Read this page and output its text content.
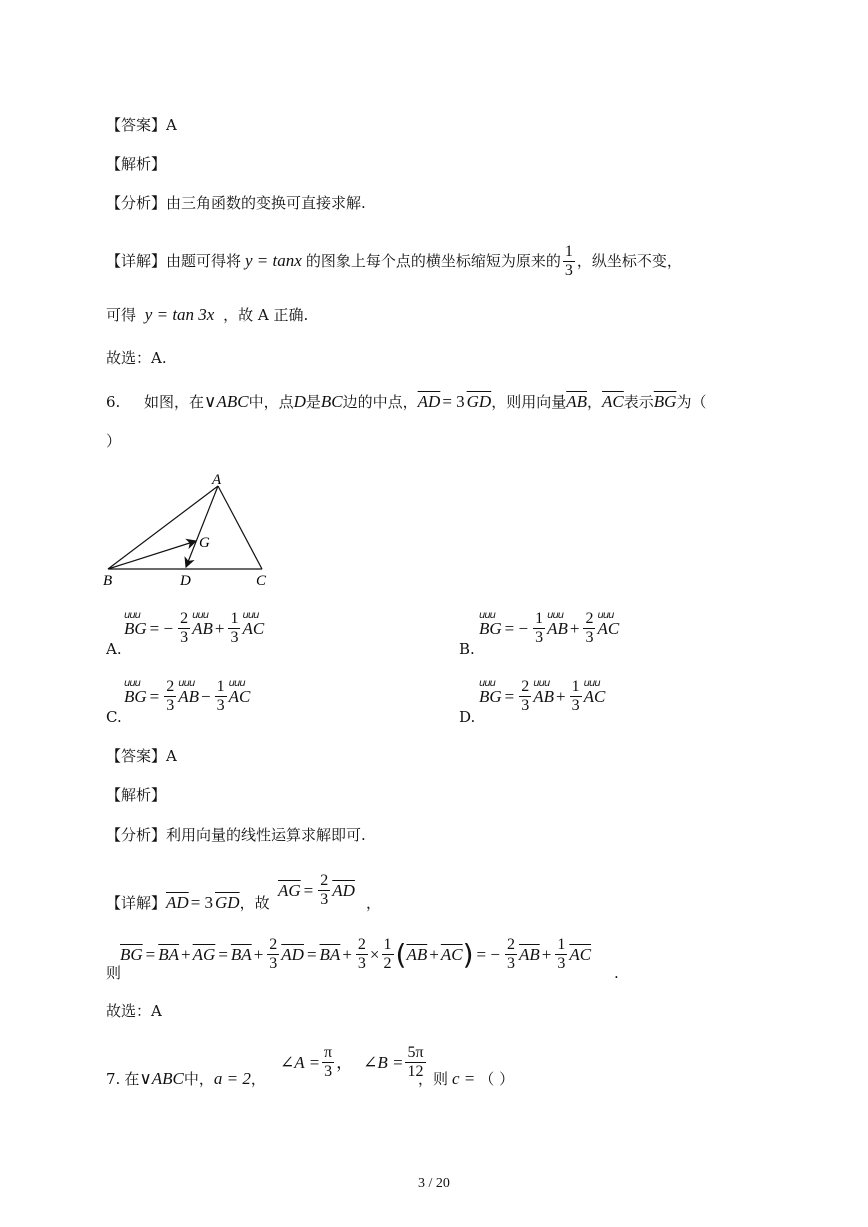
【答案】A
【解析】
【分析】由三角函数的变换可直接求解.
【详解】由题可得将 y = tanx 的图象上每个点的横坐标缩短为原来的 $\frac{1}{3}$ ，纵坐标不变，
可得 y = tan 3x ，故 A 正确.
故选：A.
6.	如图，在 ∨ABC 中，点 D 是 BC 边的中点， $\overline{AD} = 3$ $\overline{GD}$ ，则用向量 $\overline{AB}$ ， $\overline{AC}$ 表示 $\overline{BG}$ 为（
）
A
B	C
D
G
A.
uuu BG = − $\frac{2}{3}$ uuu AB + $\frac{1}{3}$ uuu AC
B.
uuu BG = − $\frac{1}{3}$ uuu AB + $\frac{2}{3}$ uuu AC
C.
uuu BG = $\frac{2}{3}$ uuu AB − $\frac{1}{3}$ uuu AC
D.
uuu BG = $\frac{2}{3}$ uuu AB + $\frac{1}{3}$ uuu AC
【答案】A
【解析】
【分析】利用向量的线性运算求解即可.
【详解】 $\overline{AD} = 3$ $\overline{GD}$ ，故
$\overline{AG} = \frac{2}{3} \overline{AD}$
，
则
$\overline{BG} = \overline{BA} + \overline{AG} = \overline{BA} + \frac{2}{3} \overline{AD} = \overline{BA} + \frac{2}{3} \times \frac{1}{2}$ ( $\overline{AB} + \overline{AC}$ ) = − $\frac{2}{3} \overline{AB} + \frac{1}{3} \overline{AC}$
.
故选：A
7. 在 ∨ABC 中， a = 2 ，
∠A = $\frac{\pi}{3}$ ， ∠B = $\frac{5\pi}{12}$
，则 c = （ ）
3 / 20
